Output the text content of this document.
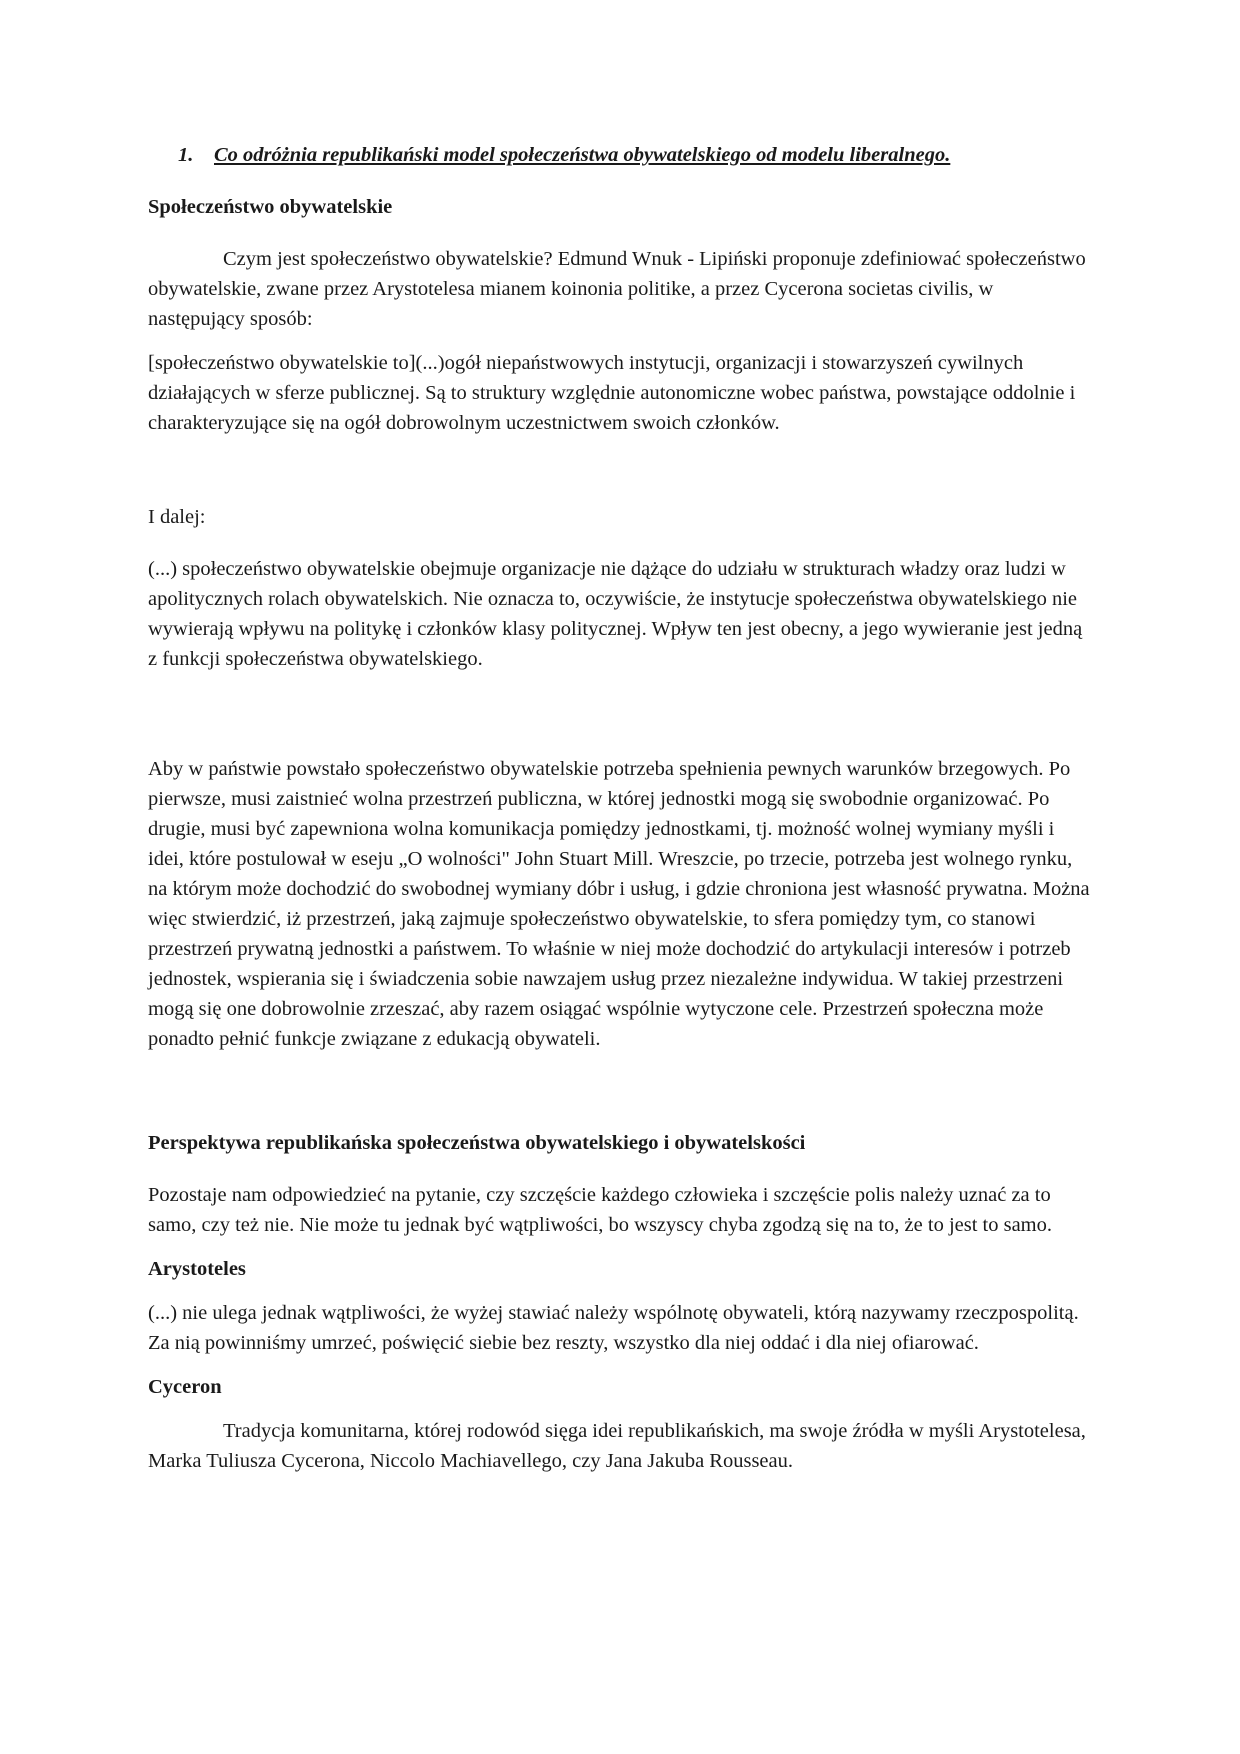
1. Co odróżnia republikański model społeczeństwa obywatelskiego od modelu liberalnego.
Społeczeństwo obywatelskie

Czym jest społeczeństwo obywatelskie? Edmund Wnuk - Lipiński proponuje zdefiniować społeczeństwo obywatelskie, zwane przez Arystotelesa mianem koinonia politike, a przez Cycerona societas civilis, w następujący sposób:

[społeczeństwo obywatelskie to](...)ogół niepaństwowych instytucji, organizacji i stowarzyszeń cywilnych działających w sferze publicznej. Są to struktury względnie autonomiczne wobec państwa, powstające oddolnie i charakteryzujące się na ogół dobrowolnym uczestnictwem swoich członków.

I dalej:

(...) społeczeństwo obywatelskie obejmuje organizacje nie dążące do udziału w strukturach władzy oraz ludzi w apolitycznych rolach obywatelskich. Nie oznacza to, oczywiście, że instytucje społeczeństwa obywatelskiego nie wywierają wpływu na politykę i członków klasy politycznej. Wpływ ten jest obecny, a jego wywieranie jest jedną z funkcji społeczeństwa obywatelskiego.

Aby w państwie powstało społeczeństwo obywatelskie potrzeba spełnienia pewnych warunków brzegowych. Po pierwsze, musi zaistnieć wolna przestrzeń publiczna, w której jednostki mogą się swobodnie organizować. Po drugie, musi być zapewniona wolna komunikacja pomiędzy jednostkami, tj. możność wolnej wymiany myśli i idei, które postulował w eseju „O wolności" John Stuart Mill. Wreszcie, po trzecie, potrzeba jest wolnego rynku, na którym może dochodzić do swobodnej wymiany dóbr i usług, i gdzie chroniona jest własność prywatna. Można więc stwierdzić, iż przestrzeń, jaką zajmuje społeczeństwo obywatelskie, to sfera pomiędzy tym, co stanowi przestrzeń prywatną jednostki a państwem. To właśnie w niej może dochodzić do artykulacji interesów i potrzeb jednostek, wspierania się i świadczenia sobie nawzajem usług przez niezależne indywidua. W takiej przestrzeni mogą się one dobrowolnie zrzeszać, aby razem osiągać wspólnie wytyczone cele. Przestrzeń społeczna może ponadto pełnić funkcje związane z edukacją obywateli.

Perspektywa republikańska społeczeństwa obywatelskiego i obywatelskości

Pozostaje nam odpowiedzieć na pytanie, czy szczęście każdego człowieka i szczęście polis należy uznać za to samo, czy też nie. Nie może tu jednak być wątpliwości, bo wszyscy chyba zgodzą się na to, że to jest to samo.

Arystoteles

(...) nie ulega jednak wątpliwości, że wyżej stawiać należy wspólnotę obywateli, którą nazywamy rzeczpospolitą. Za nią powinniśmy umrzeć, poświęcić siebie bez reszty, wszystko dla niej oddać i dla niej ofiarować.

Cyceron

Tradycja komunitarna, której rodowód sięga idei republikańskich, ma swoje źródła w myśli Arystotelesa, Marka Tuliusza Cycerona, Niccolo Machiavellego, czy Jana Jakuba Rousseau.
